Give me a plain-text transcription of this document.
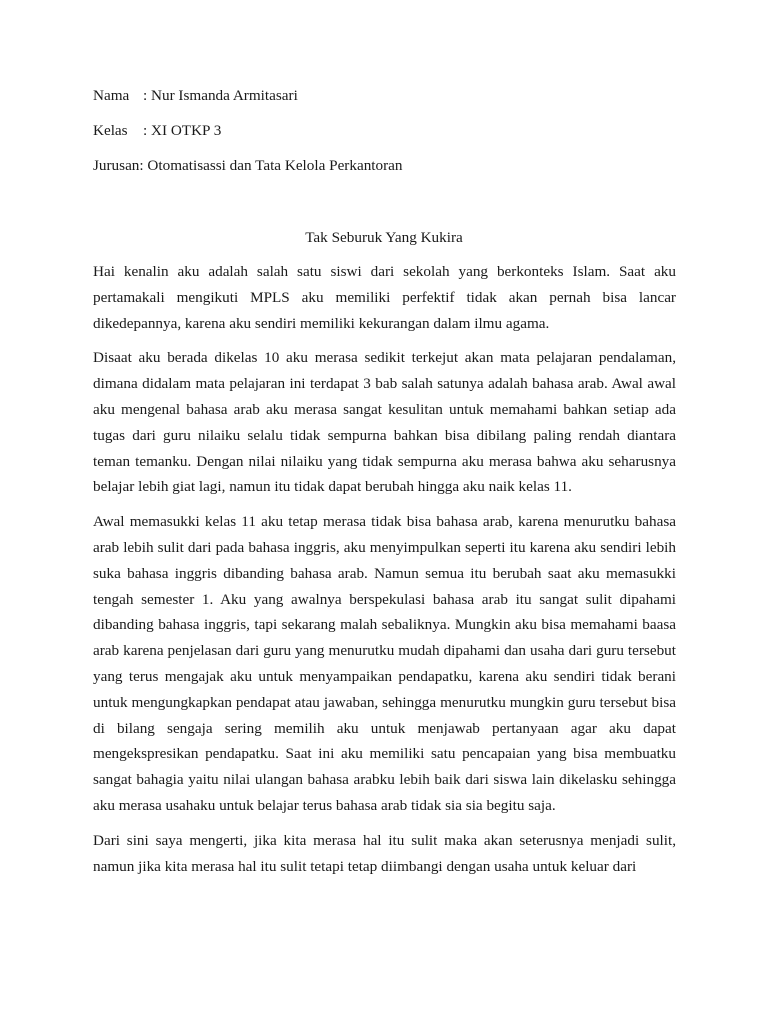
Nama : Nur Ismanda Armitasari
Kelas : XI OTKP 3
Jurusan: Otomatisassi dan Tata Kelola Perkantoran
Tak Seburuk Yang Kukira

Hai kenalin aku adalah salah satu siswi dari sekolah yang berkonteks Islam. Saat aku pertamakali mengikuti MPLS aku memiliki perfektif tidak akan pernah bisa lancar dikedepannya, karena aku sendiri memiliki kekurangan dalam ilmu agama.

Disaat aku berada dikelas 10 aku merasa sedikit terkejut akan mata pelajaran pendalaman, dimana didalam mata pelajaran ini terdapat 3 bab salah satunya adalah bahasa arab. Awal awal aku mengenal bahasa arab aku merasa sangat kesulitan untuk memahami bahkan setiap ada tugas dari guru nilaiku selalu tidak sempurna bahkan bisa dibilang paling rendah diantara teman temanku. Dengan nilai nilaiku yang tidak sempurna aku merasa bahwa aku seharusnya belajar lebih giat lagi, namun itu tidak dapat berubah hingga aku naik kelas 11.

Awal memasukki kelas 11 aku tetap merasa tidak bisa bahasa arab, karena menurutku bahasa arab lebih sulit dari pada bahasa inggris, aku menyimpulkan seperti itu karena aku sendiri lebih suka bahasa inggris dibanding bahasa arab. Namun semua itu berubah saat aku memasukki tengah semester 1. Aku yang awalnya berspekulasi bahasa arab itu sangat sulit dipahami dibanding bahasa inggris, tapi sekarang malah sebaliknya. Mungkin aku bisa memahami baasa arab karena penjelasan dari guru yang menurutku mudah dipahami dan usaha dari guru tersebut yang terus mengajak aku untuk menyampaikan pendapatku, karena aku sendiri tidak berani untuk mengungkapkan pendapat atau jawaban, sehingga menurutku mungkin guru tersebut bisa di bilang sengaja sering memilih aku untuk menjawab pertanyaan agar aku dapat mengekspresikan pendapatku. Saat ini aku memiliki satu pencapaian yang bisa membuatku sangat bahagia yaitu nilai ulangan bahasa arabku lebih baik dari siswa lain dikelasku sehingga aku merasa usahaku untuk belajar terus bahasa arab tidak sia sia begitu saja.

Dari sini saya mengerti, jika kita merasa hal itu sulit maka akan seterusnya menjadi sulit, namun jika kita merasa hal itu sulit tetapi tetap diimbangi dengan usaha untuk keluar dari
